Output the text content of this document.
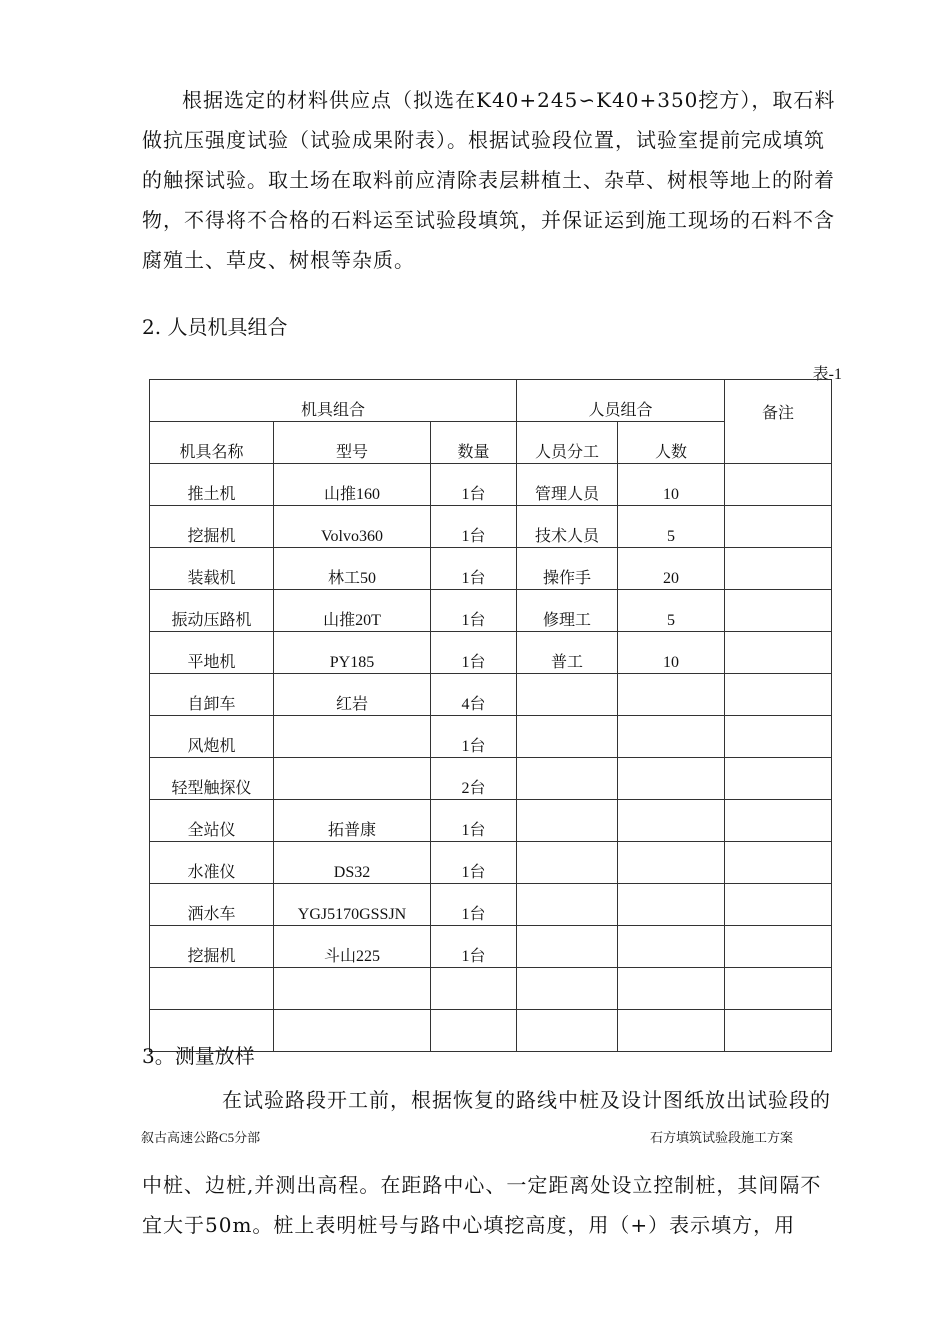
根据选定的材料供应点（拟选在K40+245∽K40+350挖方），取石料做抗压强度试验（试验成果附表）。根据试验段位置，试验室提前完成填筑的触探试验。取土场在取料前应清除表层耕植土、杂草、树根等地上的附着物，不得将不合格的石料运至试验段填筑，并保证运到施工现场的石料不含腐殖土、草皮、树根等杂质。

2. 人员机具组合
表-1
机具组合			人员组合		备注
机具名称	型号	数量	人员分工	人数	
推土机	山推160	1台	管理人员	10	
挖掘机	Volvo360	1台	技术人员	5	
装载机	林工50	1台	操作手	20	
振动压路机	山推20T	1台	修理工	5	
平地机	PY185	1台	普工	10	
自卸车	红岩	4台			
风炮机		1台			
轻型触探仪		2台			
全站仪	拓普康	1台			
水准仪	DS32	1台			
洒水车	YGJ5170GSSJN	1台			
挖掘机	斗山225	1台			

3。测量放样

在试验路段开工前，根据恢复的路线中桩及设计图纸放出试验段的

叙古高速公路C5分部	石方填筑试验段施工方案

中桩、边桩,并测出高程。在距路中心、一定距离处设立控制桩，其间隔不宜大于50m。桩上表明桩号与路中心填挖高度，用（+）表示填方，用
